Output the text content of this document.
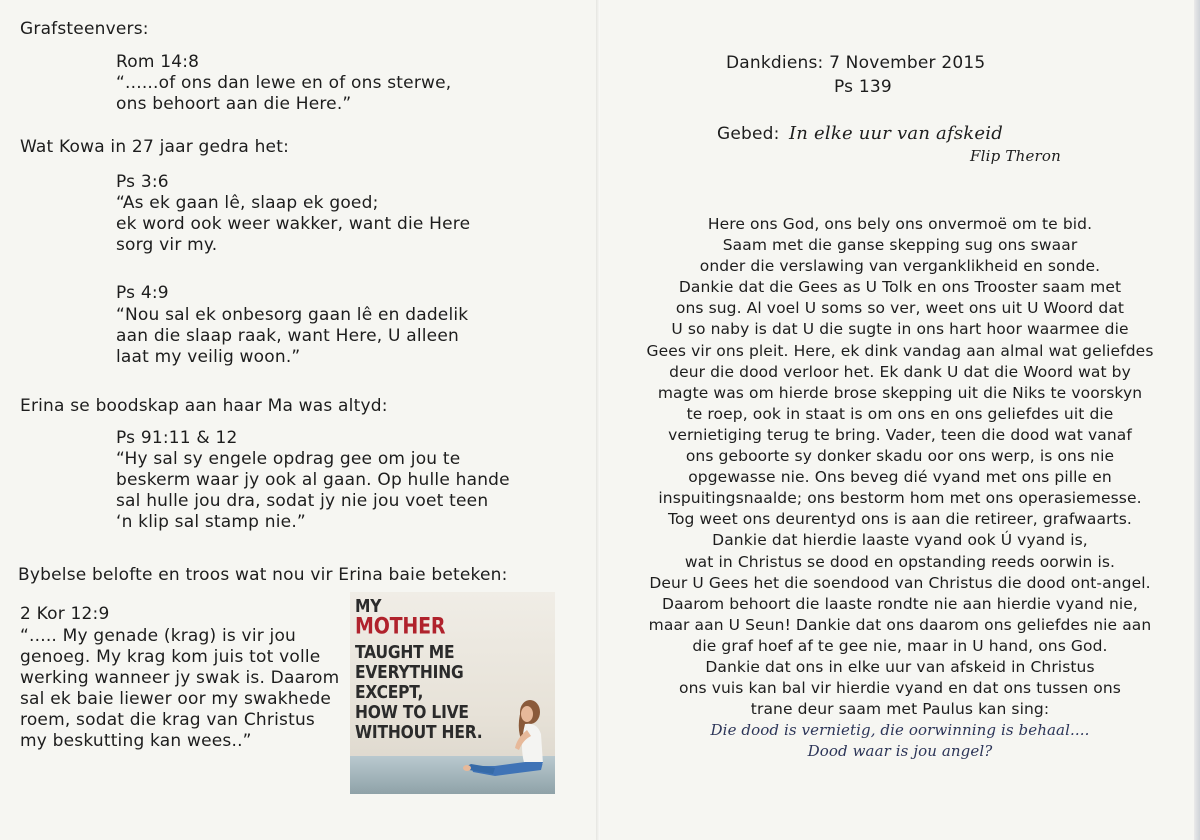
Grafsteenvers:

Rom 14:8

“......of ons dan lewe en of ons sterwe,
ons behoort aan die Here.”

Wat Kowa in 27 jaar gedra het:

Ps 3:6

“As ek gaan lê, slaap ek goed;
ek word ook weer wakker, want die Here
sorg vir my.

Ps 4:9

“Nou sal ek onbesorg gaan lê en dadelik
aan die slaap raak, want Here, U alleen
laat my veilig woon.”

Erina se boodskap aan haar Ma was altyd:

Ps 91:11 & 12

“Hy sal sy engele opdrag gee om jou te
beskerm waar jy ook al gaan. Op hulle hande
sal hulle jou dra, sodat jy nie jou voet teen
‘n klip sal stamp nie.”

Bybelse belofte en troos wat nou vir Erina baie beteken:

2 Kor 12:9

“..... My genade (krag) is vir jou
genoeg. My krag kom juis tot volle
werking wanneer jy swak is. Daarom
sal ek baie liewer oor my swakhede
roem, sodat die krag van Christus
my beskutting kan wees..”

MY

MOTHER

TAUGHT ME

EVERYTHING

EXCEPT,

HOW TO LIVE

WITHOUT HER.

Dankdiens: 7 November 2015

Ps 139

Gebed: In elke uur van afskeid

Flip Theron

Here ons God, ons bely ons onvermoë om te bid.
Saam met die ganse skepping sug ons swaar
onder die verslawing van verganklikheid en sonde.
Dankie dat die Gees as U Tolk en ons Trooster saam met
ons sug. Al voel U soms so ver, weet ons uit U Woord dat
U so naby is dat U die sugte in ons hart hoor waarmee die
Gees vir ons pleit. Here, ek dink vandag aan almal wat geliefdes
deur die dood verloor het. Ek dank U dat die Woord wat by
magte was om hierde brose skepping uit die Niks te voorskyn
te roep, ook in staat is om ons en ons geliefdes uit die
vernietiging terug te bring. Vader, teen die dood wat vanaf
ons geboorte sy donker skadu oor ons werp, is ons nie
opgewasse nie. Ons beveg dié vyand met ons pille en
inspuitingsnaalde; ons bestorm hom met ons operasiemesse.
Tog weet ons deurentyd ons is aan die retireer, grafwaarts.
Dankie dat hierdie laaste vyand ook Ú vyand is,
wat in Christus se dood en opstanding reeds oorwin is.
Deur U Gees het die soendood van Christus die dood ont-angel.
Daarom behoort die laaste rondte nie aan hierdie vyand nie,
maar aan U Seun! Dankie dat ons daarom ons geliefdes nie aan
die graf hoef af te gee nie, maar in U hand, ons God.
Dankie dat ons in elke uur van afskeid in Christus
ons vuis kan bal vir hierdie vyand en dat ons tussen ons
trane deur saam met Paulus kan sing:
Die dood is vernietig, die oorwinning is behaal....
Dood waar is jou angel?
